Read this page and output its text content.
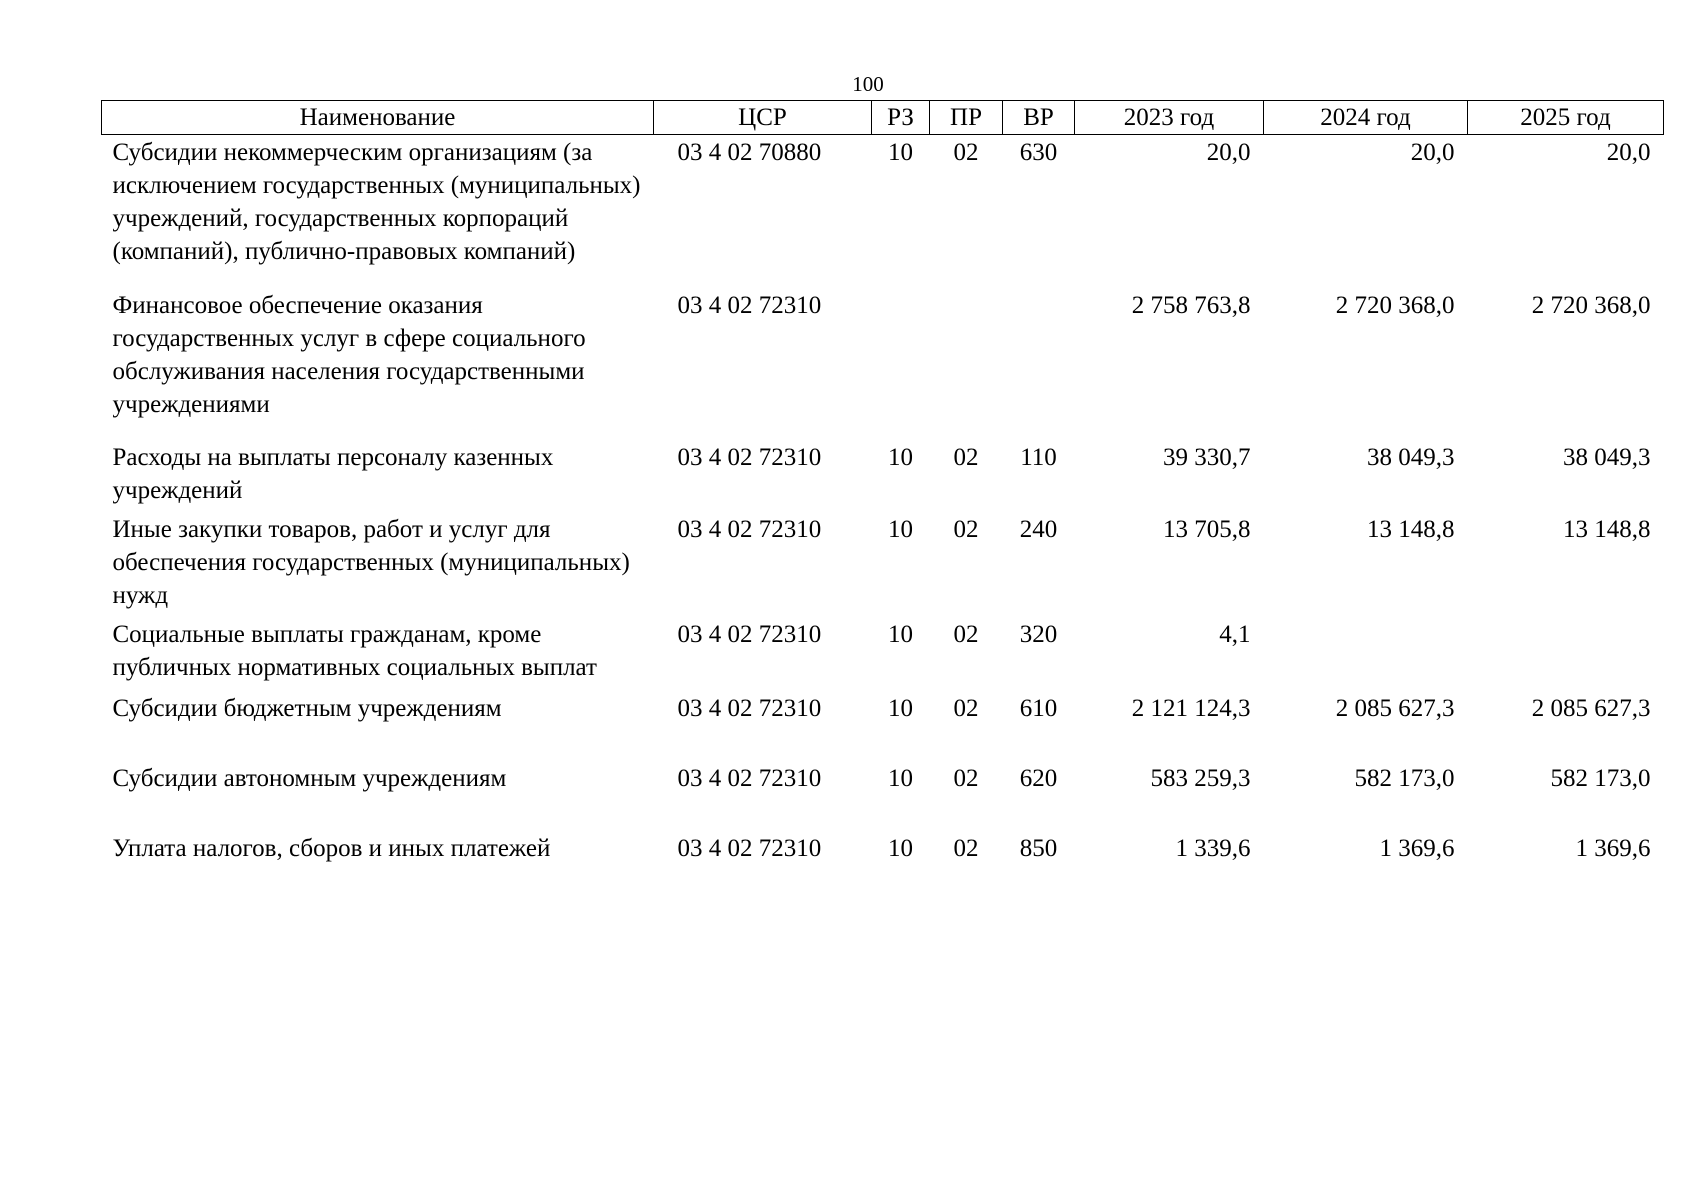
100
Наименование	ЦСР	РЗ	ПР	ВР	2023 год	2024 год	2025 год
Субсидии некоммерческим организациям (за исключением государственных (муниципальных) учреждений, государственных корпораций (компаний), публично-правовых компаний)	03 4 02 70880	10	02	630	20,0	20,0	20,0
Финансовое обеспечение оказания государственных услуг в сфере социального обслуживания населения государственными учреждениями	03 4 02 72310				2 758 763,8	2 720 368,0	2 720 368,0
Расходы на выплаты персоналу казенных учреждений	03 4 02 72310	10	02	110	39 330,7	38 049,3	38 049,3
Иные закупки товаров, работ и услуг для обеспечения государственных (муниципальных) нужд	03 4 02 72310	10	02	240	13 705,8	13 148,8	13 148,8
Социальные выплаты гражданам, кроме публичных нормативных социальных выплат	03 4 02 72310	10	02	320	4,1		
Субсидии бюджетным учреждениям	03 4 02 72310	10	02	610	2 121 124,3	2 085 627,3	2 085 627,3
Субсидии автономным учреждениям	03 4 02 72310	10	02	620	583 259,3	582 173,0	582 173,0
Уплата налогов, сборов и иных платежей	03 4 02 72310	10	02	850	1 339,6	1 369,6	1 369,6
